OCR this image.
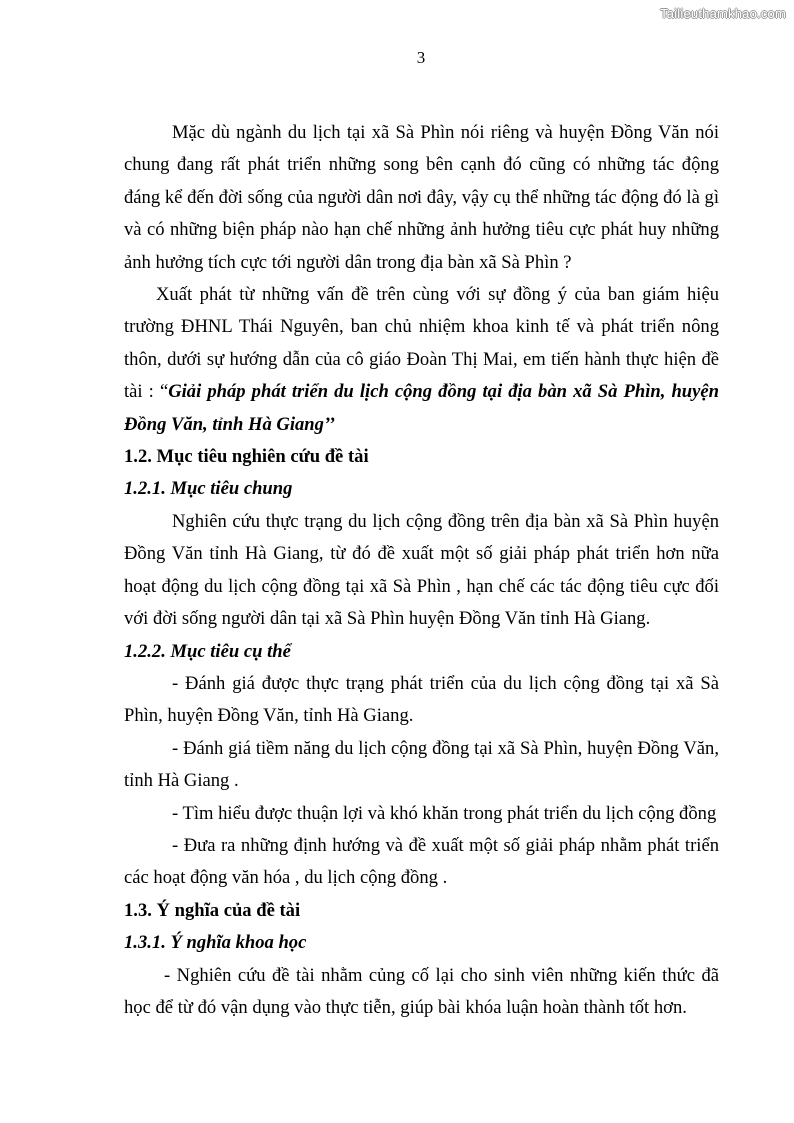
Tailieuthamkhao.com
3

Mặc dù ngành du lịch tại xã Sà Phìn nói riêng và huyện Đồng Văn nói chung đang rất phát triển những song bên cạnh đó cũng có những tác động đáng kể đến đời sống của người dân nơi đây, vậy cụ thể những tác động đó là gì và có những biện pháp nào hạn chế những ảnh hưởng tiêu cực phát huy những ảnh hưởng tích cực tới người dân trong địa bàn xã Sà Phìn ?

Xuất phát từ những vấn đề trên cùng với sự đồng ý của ban giám hiệu trường ĐHNL Thái Nguyên, ban chủ nhiệm khoa kinh tế và phát triển nông thôn, dưới sự hướng dẫn của cô giáo Đoàn Thị Mai, em tiến hành thực hiện đề tài : “Giải pháp phát triển du lịch cộng đồng tại địa bàn xã Sà Phìn, huyện Đồng Văn, tỉnh Hà Giang’’

1.2. Mục tiêu nghiên cứu đề tài

1.2.1. Mục tiêu chung

Nghiên cứu thực trạng du lịch cộng đồng trên địa bàn xã Sà Phìn huyện Đồng Văn tỉnh Hà Giang, từ đó đề xuất một số giải pháp phát triển hơn nữa hoạt động du lịch cộng đồng tại xã Sà Phìn , hạn chế các tác động tiêu cực đối với đời sống người dân tại xã Sà Phìn huyện Đồng Văn tỉnh Hà Giang.

1.2.2. Mục tiêu cụ thể

- Đánh giá được thực trạng phát triển của du lịch cộng đồng tại xã Sà Phìn, huyện Đồng Văn, tỉnh Hà Giang.

- Đánh giá tiềm năng du lịch cộng đồng tại xã Sà Phìn, huyện Đồng Văn, tỉnh Hà Giang .

- Tìm hiểu được thuận lợi và khó khăn trong phát triển du lịch cộng đồng

- Đưa ra những định hướng và đề xuất một số giải pháp nhằm phát triển các hoạt động văn hóa , du lịch cộng đồng .

1.3. Ý nghĩa của đề tài

1.3.1. Ý nghĩa khoa học

- Nghiên cứu đề tài nhằm củng cố lại cho sinh viên những kiến thức đã học để từ đó vận dụng vào thực tiễn, giúp bài khóa luận hoàn thành tốt hơn.
